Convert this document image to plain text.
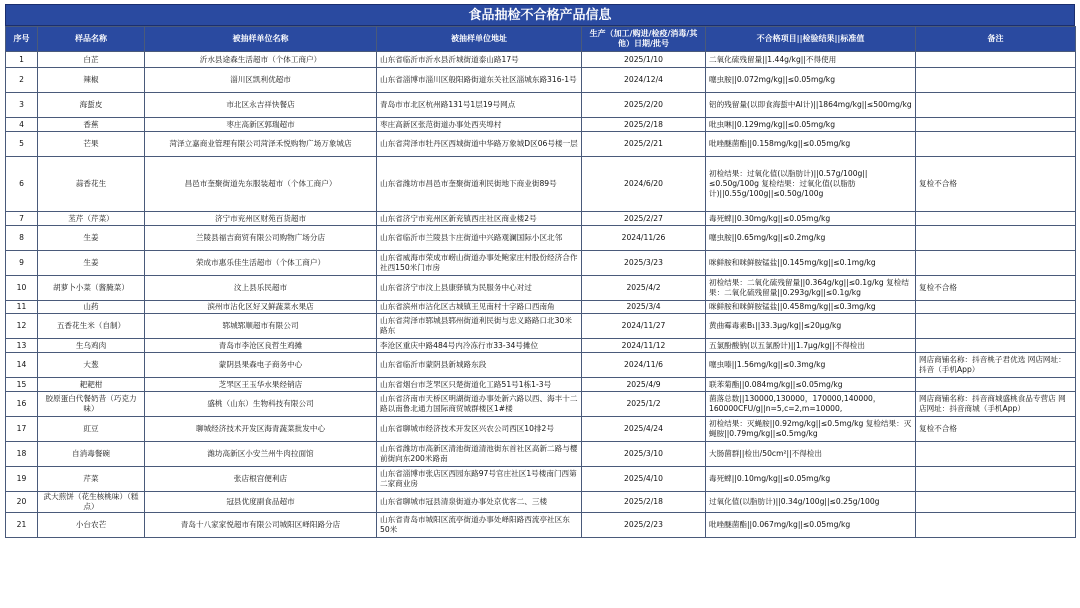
食品抽检不合格产品信息
序号	样品名称	被抽样单位名称	被抽样单位地址	生产（加工/购进/检疫/消毒/其他）日期/批号	不合格项目||检验结果||标准值	备注
1	白芷	沂水县途森生活超市（个体工商户）	山东省临沂市沂水县沂城街道泰山路17号	2025/1/10	二氧化硫残留量||1.44g/kg||不得使用	
2	辣椒	淄川区凯利优超市	山东省淄博市淄川区般阳路街道东关社区淄城东路316-1号	2024/12/4	噻虫胺||0.072mg/kg||≤0.05mg/kg	
3	海蜇皮	市北区永吉祥快餐店	青岛市市北区杭州路131号1层19号网点	2025/2/20	铝的残留量(以即食海蜇中Al计)||1864mg/kg||≤500mg/kg	
4	香蕉	枣庄高新区郭瑞超市	枣庄高新区张范街道办事处西夹埠村	2025/2/18	吡虫啉||0.129mg/kg||≤0.05mg/kg	
5	芒果	菏泽立嘉商业管理有限公司菏泽禾悦购物广场万象城店	山东省菏泽市牡丹区西城街道中华路万象城D区06号楼一层	2025/2/21	吡唑醚菌酯||0.158mg/kg||≤0.05mg/kg	
6	蒜香花生	昌邑市奎聚街道先东服装超市（个体工商户）	山东省潍坊市昌邑市奎聚街道利民街地下商业街89号	2024/6/20	初检结果：过氧化值(以脂肪计)||0.57g/100g||≤0.50g/100g 复检结果：过氧化值(以脂肪计)||0.55g/100g||≤0.50g/100g	复检不合格
7	苤芹（芹菜）	济宁市兖州区财苑百货超市	山东省济宁市兖州区新兖镇西庄社区商业楼2号	2025/2/27	毒死蜱||0.30mg/kg||≤0.05mg/kg	
8	生姜	兰陵县福吉商贸有限公司购物广场分店	山东省临沂市兰陵县卞庄街道中兴路观澜国际小区北邻	2024/11/26	噻虫胺||0.65mg/kg||≤0.2mg/kg	
9	生姜	荣成市惠乐佳生活超市（个体工商户）	山东省威海市荣成市崂山街道办事处鲍家庄村股份经济合作社西150米门市房	2025/3/23	咪鲜胺和咪鲜胺锰盐||0.145mg/kg||≤0.1mg/kg	
10	胡萝卜小菜（酱腌菜）	汶上县乐民超市	山东省济宁市汶上县康驿镇为民服务中心对过	2025/4/2	初检结果：二氧化硫残留量||0.364g/kg||≤0.1g/kg 复检结果：二氧化硫残留量||0.293g/kg||≤0.1g/kg	复检不合格
11	山药	滨州市沾化区好又鲜蔬菜水果店	山东省滨州市沾化区古城镇王见南村十字路口西南角	2025/3/4	咪鲜胺和咪鲜胺锰盐||0.458mg/kg||≤0.3mg/kg	
12	五香花生米（自制）	郓城郓顺超市有限公司	山东省菏泽市郓城县郓州街道利民街与忠义路路口北30米路东	2024/11/27	黄曲霉毒素B₁||33.3μg/kg||≤20μg/kg	
13	生乌鸡肉	青岛市李沧区良哲生鸡摊	李沧区重庆中路484号内冷冻行市33-34号摊位	2024/11/12	五氯酚酸钠(以五氯酚计)||1.7μg/kg||不得检出	
14	大葱	蒙阴县果森电子商务中心	山东省临沂市蒙阴县新城路东段	2024/11/6	噻虫嗪||1.56mg/kg||≤0.3mg/kg	网店商铺名称：抖音桃子君优选 网店网址：抖音（手机App）
15	耙耙柑	芝罘区王玉华水果经销店	山东省烟台市芝罘区只楚街道化工路51号1栋1-3号	2025/4/9	联苯菊酯||0.084mg/kg||≤0.05mg/kg	
16	胶原蛋白代餐奶昔（巧克力味）	盛桃（山东）生物科技有限公司	山东省济南市天桥区明湖街道办事处新六路以西、海丰十二路以南鲁北通力国际商贸城群楼区1#楼	2025/1/2	菌落总数||130000,130000，170000,140000，160000CFU/g||n=5,c=2,m=10000,	网店商铺名称：抖音商城盛桃食品专营店 网店网址：抖音商城（手机App）
17	豇豆	聊城经济技术开发区海青蔬菜批发中心	山东省聊城市经济技术开发区兴农公司西区10排2号	2025/4/24	初检结果：灭蝇胺||0.92mg/kg||≤0.5mg/kg 复检结果：灭蝇胺||0.79mg/kg||≤0.5mg/kg	复检不合格
18	自消毒餐碗	潍坊高新区小安兰州牛肉拉面馆	山东省潍坊市高新区清池街道清池街东首社区高新二路与樱前街向东200米路南	2025/3/10	大肠菌群||检出/50cm²||不得检出	
19	芹菜	张店根宫便利店	山东省淄博市张店区西园东路97号官庄社区1号楼南门西第二家商业房	2025/4/10	毒死蜱||0.10mg/kg||≤0.05mg/kg	
20	武大煎饼（花生核桃味）（糕点）	冠县优度副食品超市	山东省聊城市冠县清泉街道办事处京优客二、三楼	2025/2/18	过氧化值(以脂肪计)||0.34g/100g||≤0.25g/100g	
21	小台农芒	青岛十八家家悦超市有限公司城阳区峄阳路分店	山东省青岛市城阳区流亭街道办事处峄阳路西流亭社区东50米	2025/2/23	吡唑醚菌酯||0.067mg/kg||≤0.05mg/kg	
